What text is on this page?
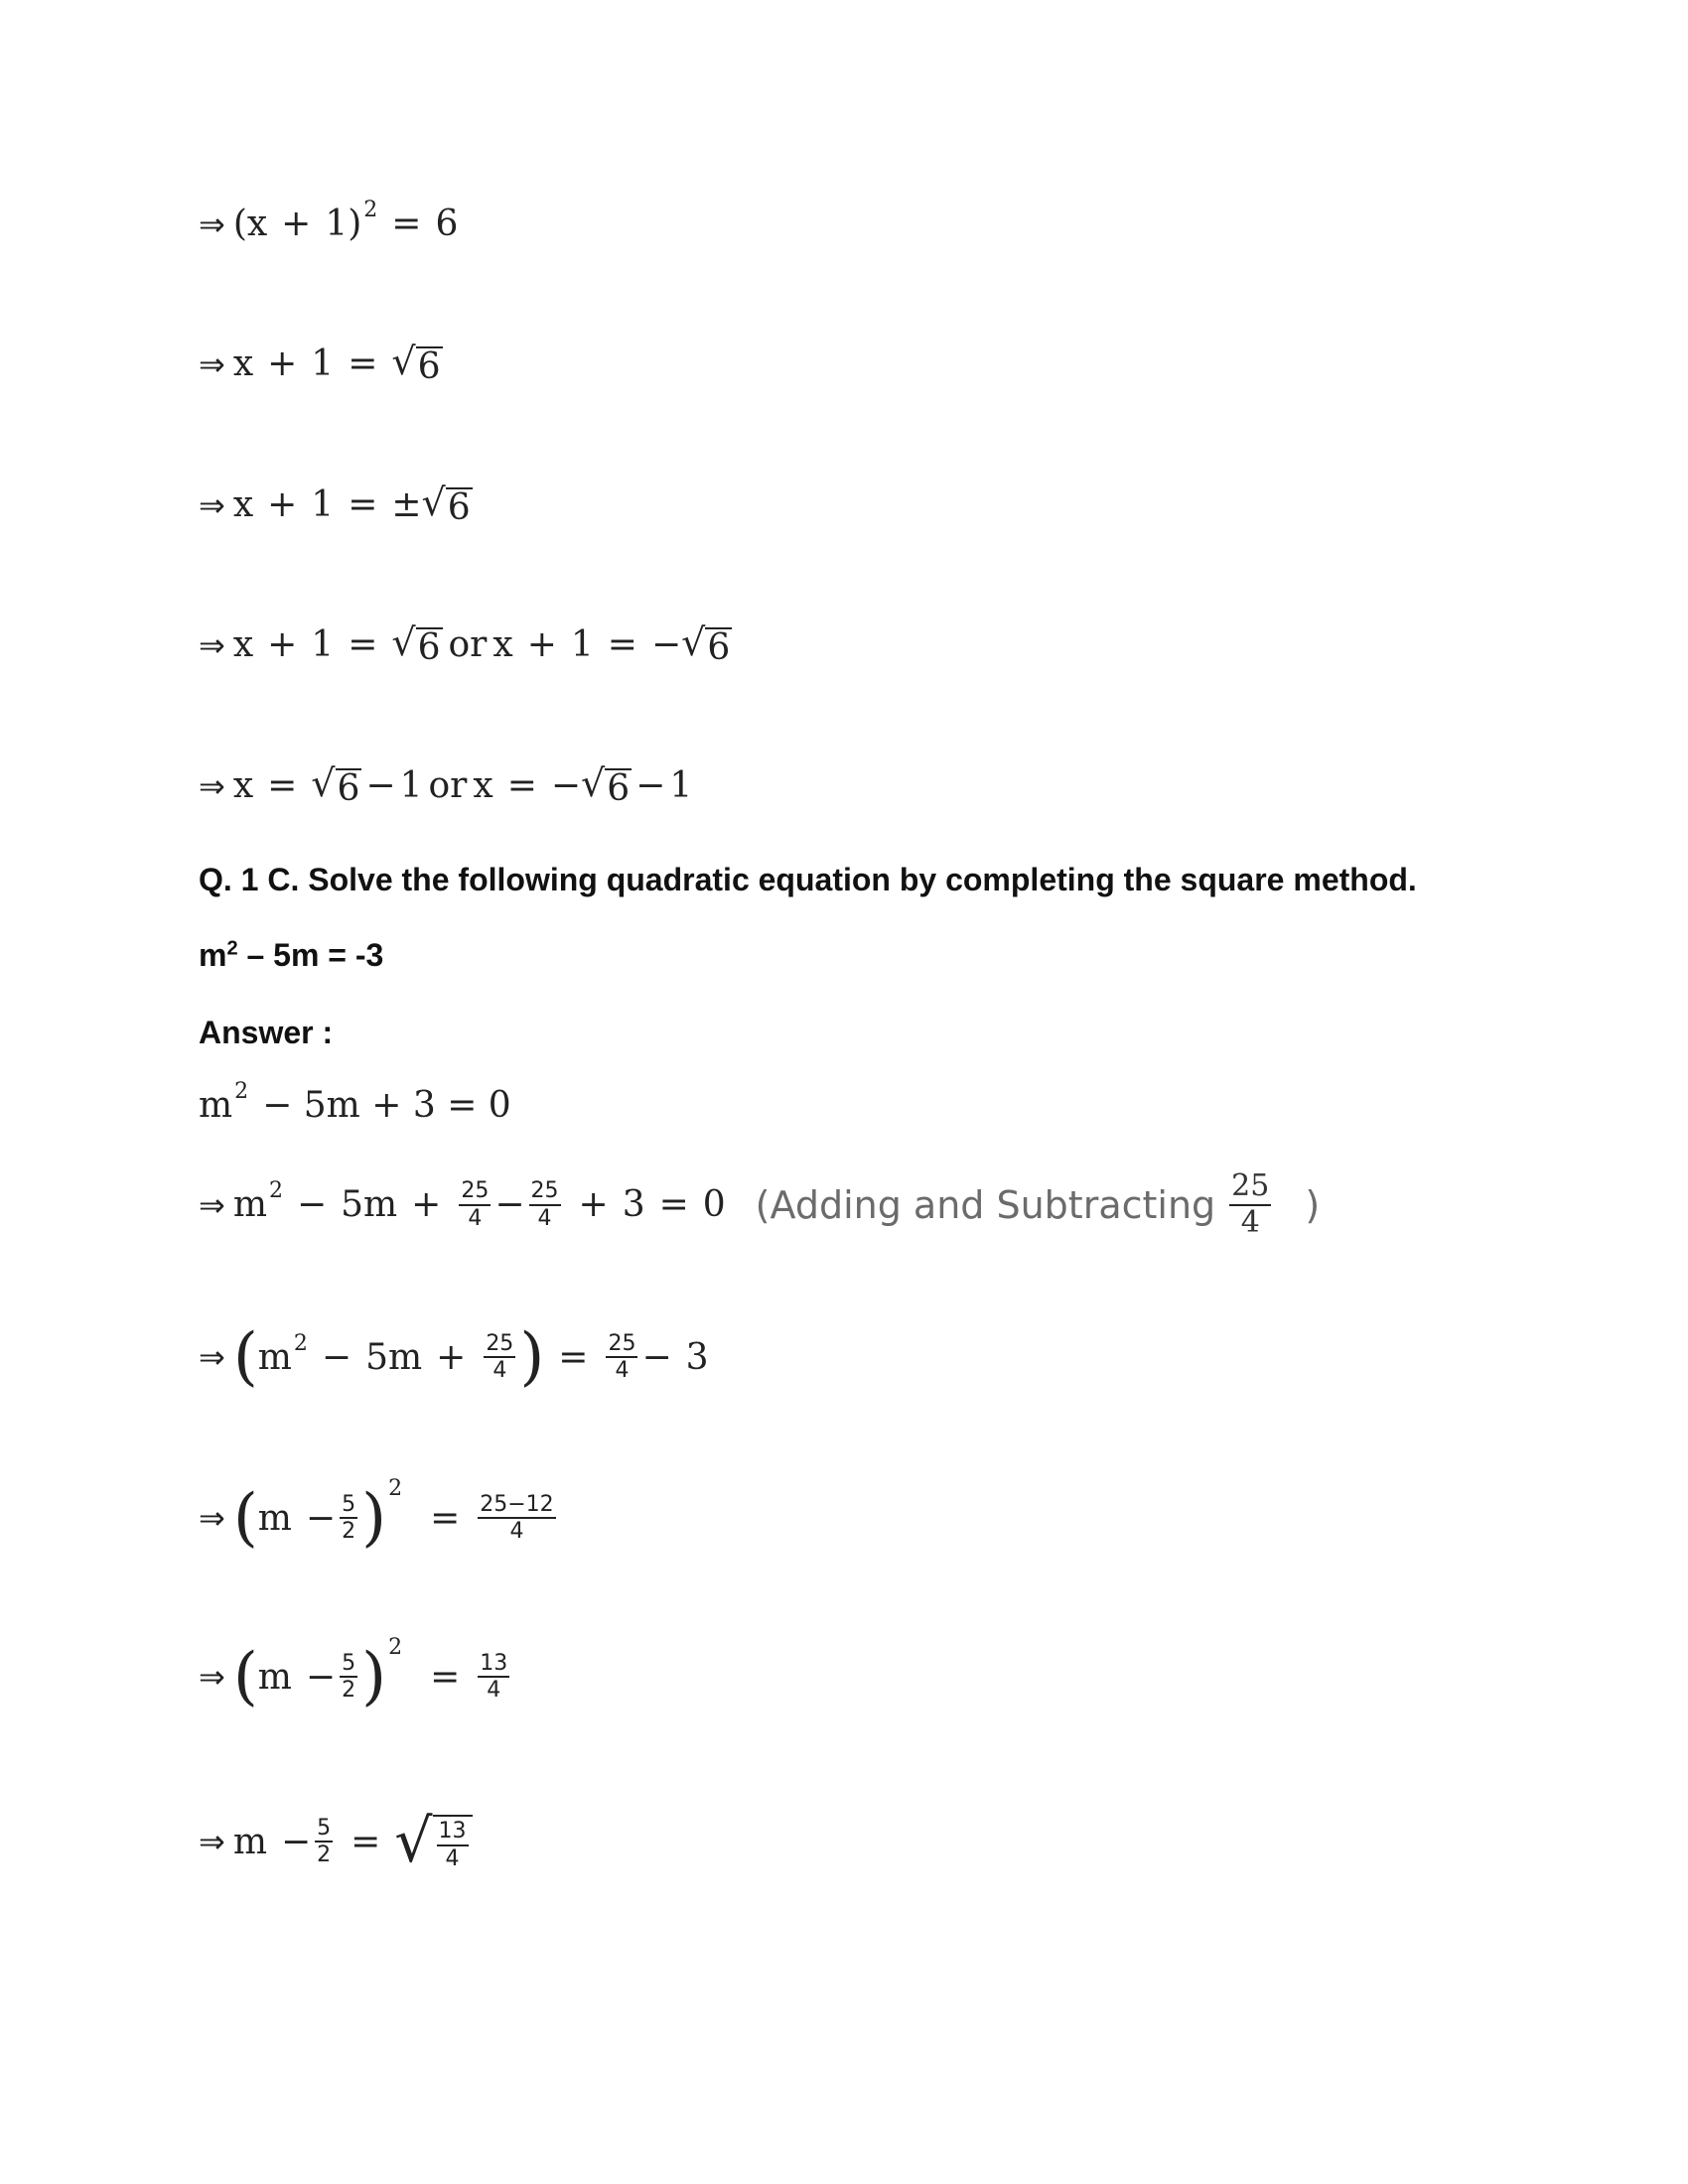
⇒ ( x + 1 ) 2 = 6
⇒ x + 1 = √ 6
⇒ x + 1 = ± √ 6
⇒ x + 1 = √ 6 or x + 1 = − √ 6
⇒ x = √ 6 − 1 or x = − √ 6 − 1
Q. 1 C. Solve the following quadratic equation by completing the square method.
$m^2 - 5m = -3$
Answer :
m 2 − 5m + 3 = 0
⇒ m $2 - 5m + \frac{25}{4} - \frac{25}{4} + 3 = 0$ (Adding and Subtracting $\frac{25}{4}$ )
⇒ ( m $2 - 5m + \frac{25}{4}$ ) = $\frac{25}{4} - 3$
⇒ ( $m - \frac{5}{2}$ ) 2
= $\frac{25-12}{4}$
⇒ ( $m - \frac{5}{2}$ ) 2
= $\frac{13}{4}$
⇒ $m - \frac{5}{2}$ = √ $\frac{13}{4}$
